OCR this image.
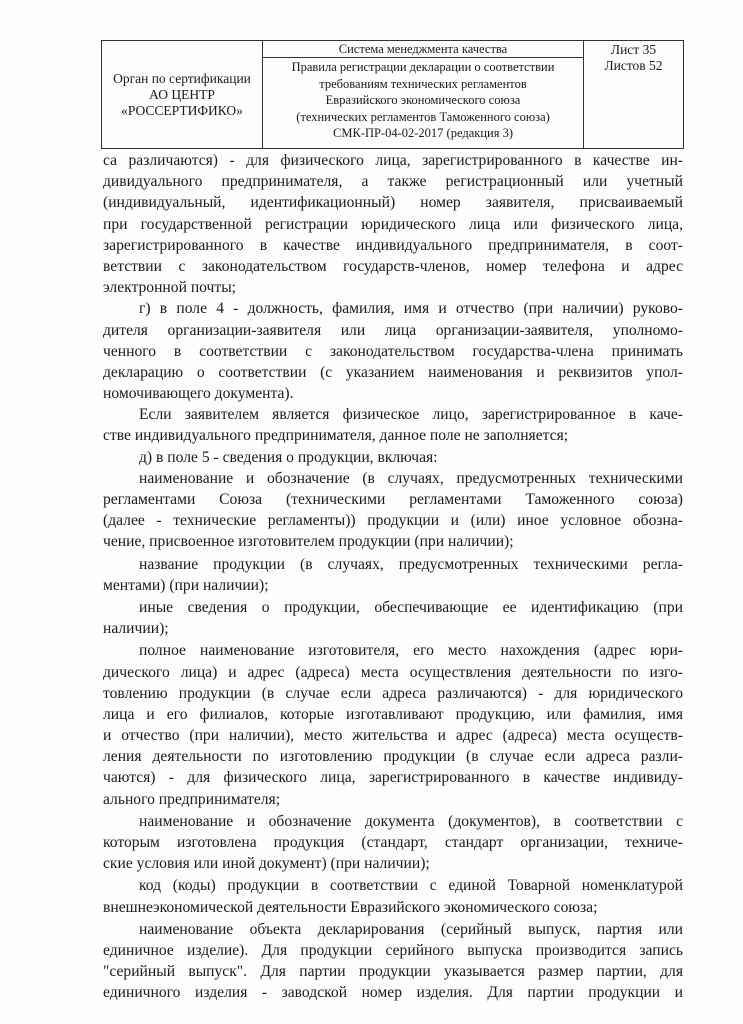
Орган по сертификации
АО ЦЕНТР
«РОССЕРТИФИКО»
Система менеджмента качества
Правила регистрации декларации о соответствии
требованиям технических регламентов
Евразийского экономического союза
(технических регламентов Таможенного союза)
СМК-ПР-04-02-2017 (редакция 3)
Лист 35
Листов 52
са различаются) - для физического лица, зарегистрированного в качестве ин-
дивидуального предпринимателя, а также регистрационный или учетный
(индивидуальный, идентификационный) номер заявителя, присваиваемый
при государственной регистрации юридического лица или физического лица,
зарегистрированного в качестве индивидуального предпринимателя, в соот-
ветствии с законодательством государств-членов, номер телефона и адрес
электронной почты;
г) в поле 4 - должность, фамилия, имя и отчество (при наличии) руково-
дителя организации-заявителя или лица организации-заявителя, уполномо-
ченного в соответствии с законодательством государства-члена принимать
декларацию о соответствии (с указанием наименования и реквизитов упол-
номочивающего документа).
Если заявителем является физическое лицо, зарегистрированное в каче-
стве индивидуального предпринимателя, данное поле не заполняется;
д) в поле 5 - сведения о продукции, включая:
наименование и обозначение (в случаях, предусмотренных техническими
регламентами Союза (техническими регламентами Таможенного союза)
(далее - технические регламенты)) продукции и (или) иное условное обозна-
чение, присвоенное изготовителем продукции (при наличии);
название продукции (в случаях, предусмотренных техническими регла-
ментами) (при наличии);
иные сведения о продукции, обеспечивающие ее идентификацию (при
наличии);
полное наименование изготовителя, его место нахождения (адрес юри-
дического лица) и адрес (адреса) места осуществления деятельности по изго-
товлению продукции (в случае если адреса различаются) - для юридического
лица и его филиалов, которые изготавливают продукцию, или фамилия, имя
и отчество (при наличии), место жительства и адрес (адреса) места осуществ-
ления деятельности по изготовлению продукции (в случае если адреса разли-
чаются) - для физического лица, зарегистрированного в качестве индивиду-
ального предпринимателя;
наименование и обозначение документа (документов), в соответствии с
которым изготовлена продукция (стандарт, стандарт организации, техниче-
ские условия или иной документ) (при наличии);
код (коды) продукции в соответствии с единой Товарной номенклатурой
внешнеэкономической деятельности Евразийского экономического союза;
наименование объекта декларирования (серийный выпуск, партия или
единичное изделие). Для продукции серийного выпуска производится запись
"серийный выпуск". Для партии продукции указывается размер партии, для
единичного изделия - заводской номер изделия. Для партии продукции и
